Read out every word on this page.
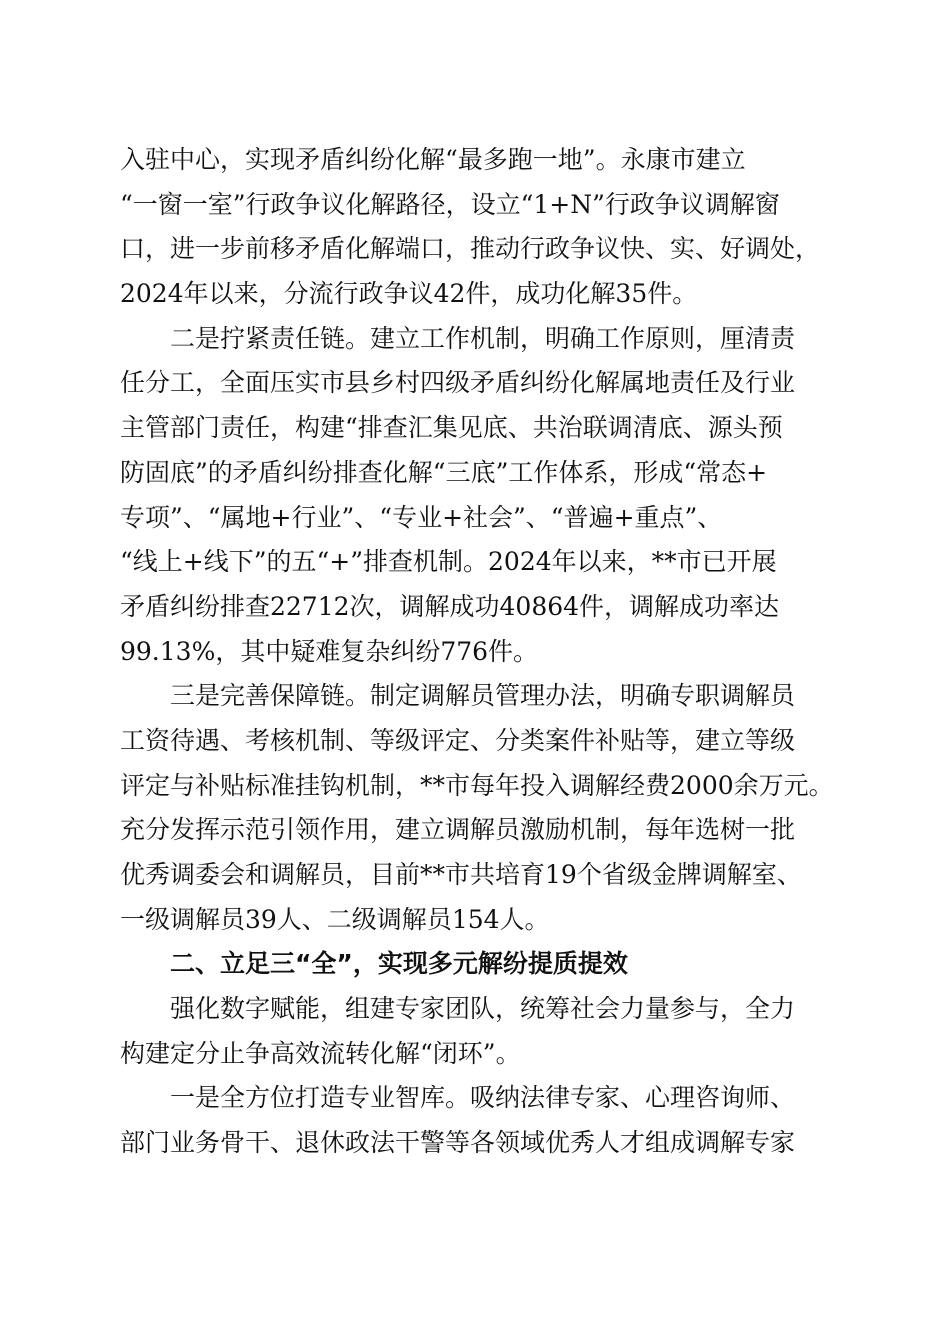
入驻中心，实现矛盾纠纷化解“最多跑一地”。永康市建立
“一窗一室”行政争议化解路径，设立“1+N”行政争议调解窗
口，进一步前移矛盾化解端口，推动行政争议快、实、好调处，
2024年以来，分流行政争议42件，成功化解35件。
二是拧紧责任链。建立工作机制，明确工作原则，厘清责
任分工，全面压实市县乡村四级矛盾纠纷化解属地责任及行业
主管部门责任，构建“排查汇集见底、共治联调清底、源头预
防固底”的矛盾纠纷排查化解“三底”工作体系，形成“常态+
专项”、“属地+行业”、“专业+社会”、“普遍+重点”、
“线上+线下”的五“+”排查机制。2024年以来，**市已开展
矛盾纠纷排查22712次，调解成功40864件，调解成功率达
99.13%，其中疑难复杂纠纷776件。
三是完善保障链。制定调解员管理办法，明确专职调解员
工资待遇、考核机制、等级评定、分类案件补贴等，建立等级
评定与补贴标准挂钩机制，**市每年投入调解经费2000余万元。
充分发挥示范引领作用，建立调解员激励机制，每年选树一批
优秀调委会和调解员，目前**市共培育19个省级金牌调解室、
一级调解员39人、二级调解员154人。
二、立足三“全”，实现多元解纷提质提效
强化数字赋能，组建专家团队，统筹社会力量参与，全力
构建定分止争高效流转化解“闭环”。
一是全方位打造专业智库。吸纳法律专家、心理咨询师、
部门业务骨干、退休政法干警等各领域优秀人才组成调解专家
